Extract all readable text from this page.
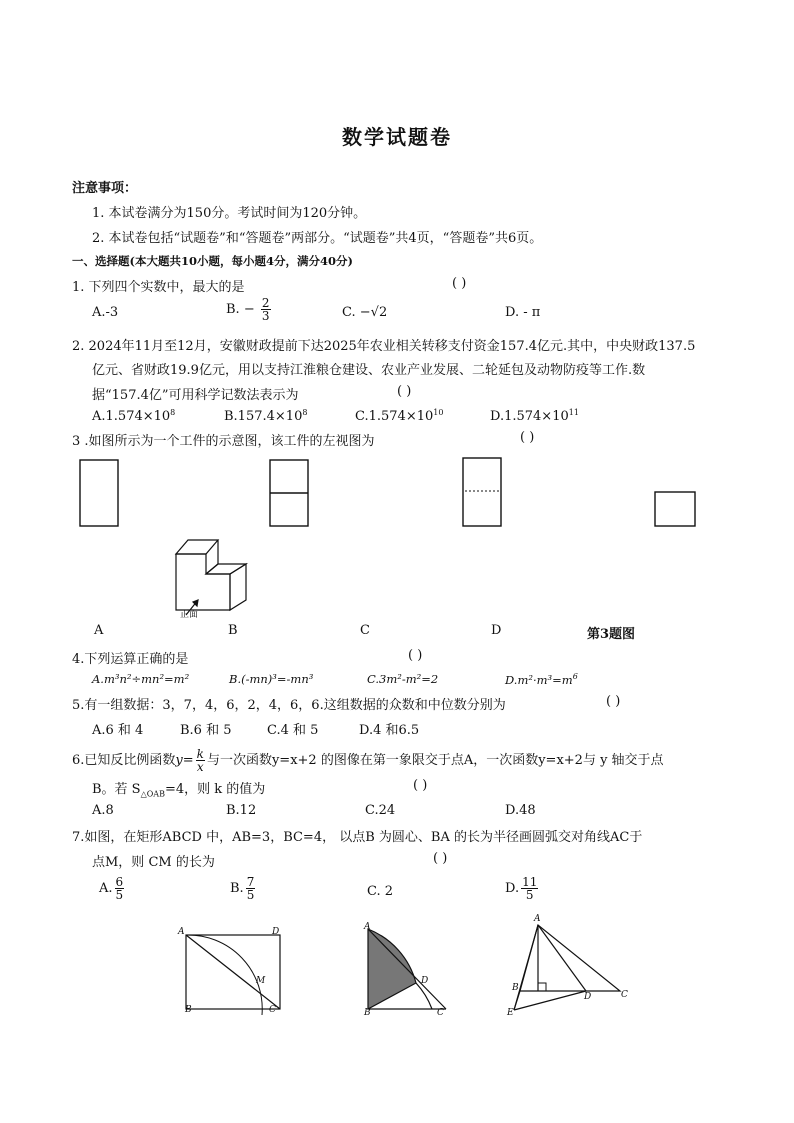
数学试题卷
注意事项：
1. 本试卷满分为150分。考试时间为120分钟。
2. 本试卷包括“试题卷”和“答题卷”两部分。“试题卷”共4页，“答题卷”共6页。
一、选择题(本大题共10小题，每小题4分，满分40分)
1. 下列四个实数中，最大的是	( )
A.-3	B. − $\frac{2}{3}$	C. −√2	D. - π
2. 2024年11月至12月，安徽财政提前下达2025年农业相关转移支付资金157.4亿元.其中，中央财政137.5
亿元、省财政19.9亿元，用以支持江淮粮仓建设、农业产业发展、二轮延包及动物防疫等工作.数
据“157.4亿”可用科学记数法表示为	( )
$A.1.574\times 10^8$	$B.157.4\times 10^8$	$C.1.574\times 10^{10}$	$D.1.574\times 10^{11}$
3 .如图所示为一个工件的示意图，该工件的左视图为	( )
正面
A	B	C	D	第3题图
4.下列运算正确的是	( )
A.m³n²÷mn²=m²	B.(-mn)³=-mn³	C.3m²-m²=2	$D.m^2\cdot m^3=m^6$
5.有一组数据：3，7，4，6，2，4，6，6.这组数据的众数和中位数分别为	( )
A.6 和 4	B.6 和 5	C.4 和 5	D.4 和6.5
6.已知反比例函数$y= \frac{k}{x}$ 与一次函数y=x+2 的图像在第一象限交于点A，一次函数y=x+2与 y 轴交于点
B。若 $S_{\triangle OAB}=4$，则 k 的值为	( )
A.8	B.12	C.24	D.48
7.如图，在矩形ABCD 中，AB=3，BC=4， 以点B 为圆心、BA 的长为半径画圆弧交对角线AC于
点M，则 CM 的长为	( )
A. $\frac{6}{5}$	B. $\frac{7}{5}$	C. 2	D. $\frac{11}{5}$
A	D
M
B	C
A
D
B	C
A
B
D	C
E
